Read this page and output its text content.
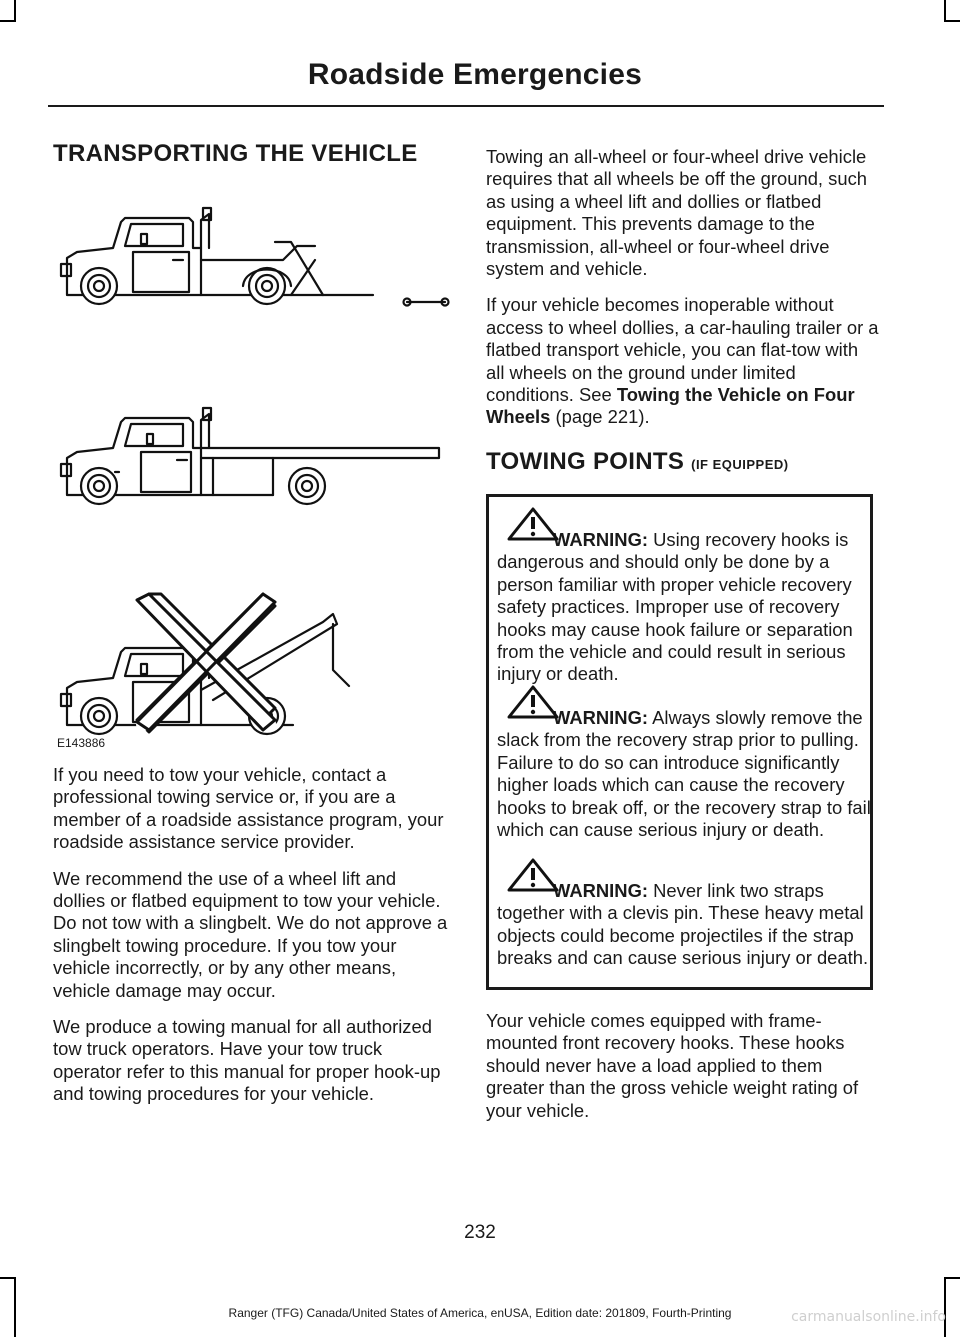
Roadside Emergencies
TRANSPORTING THE VEHICLE
E143886

If you need to tow your vehicle, contact a professional towing service or, if you are a member of a roadside assistance program, your roadside assistance service provider.

We recommend the use of a wheel lift and dollies or flatbed equipment to tow your vehicle. Do not tow with a slingbelt. We do not approve a slingbelt towing procedure. If you tow your vehicle incorrectly, or by any other means, vehicle damage may occur.

We produce a towing manual for all authorized tow truck operators. Have your tow truck operator refer to this manual for proper hook-up and towing procedures for your vehicle.

Towing an all-wheel or four-wheel drive vehicle requires that all wheels be off the ground, such as using a wheel lift and dollies or flatbed equipment. This prevents damage to the transmission, all-wheel or four-wheel drive system and vehicle.

If your vehicle becomes inoperable without access to wheel dollies, a car-hauling trailer or a flatbed transport vehicle, you can flat-tow with all wheels on the ground under limited conditions. See Towing the Vehicle on Four Wheels (page 221).

TOWING POINTS (IF EQUIPPED)
WARNING: Using recovery hooks is dangerous and should only be done by a person familiar with proper vehicle recovery safety practices. Improper use of recovery hooks may cause hook failure or separation from the vehicle and could result in serious injury or death.
WARNING: Always slowly remove the slack from the recovery strap prior to pulling. Failure to do so can introduce significantly higher loads which can cause the recovery hooks to break off, or the recovery strap to fail which can cause serious injury or death.
WARNING: Never link two straps together with a clevis pin. These heavy metal objects could become projectiles if the strap breaks and can cause serious injury or death.

Your vehicle comes equipped with frame-mounted front recovery hooks. These hooks should never have a load applied to them greater than the gross vehicle weight rating of your vehicle.

232
Ranger (TFG) Canada/United States of America, enUSA, Edition date: 201809, Fourth-Printing	carmanualsonline.info
